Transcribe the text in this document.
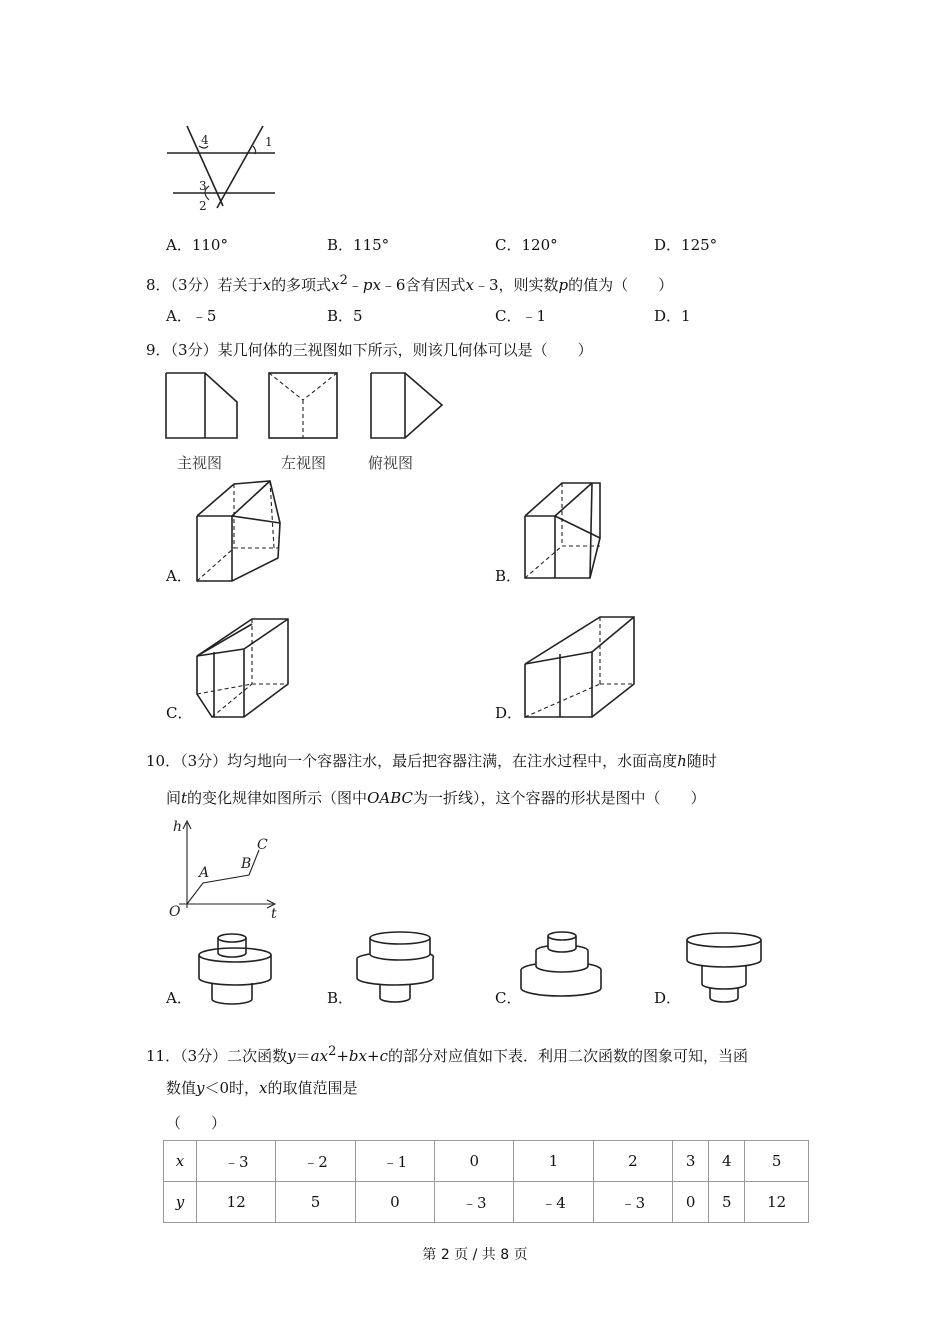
4	1
3
2
A．110°	B．115°	C．120°	D．125°
8．（3分）若关于x的多项式$x^2﹣px﹣6$含有因式x﹣3，则实数p的值为（　　）
A．﹣5	B．5	C．﹣1	D．1
9．（3分）某几何体的三视图如下所示，则该几何体可以是（　　）
主视图	左视图	俯视图
A．	B．
C．	D．
10．（3分）均匀地向一个容器注水，最后把容器注满，在注水过程中，水面高度h随时
间t的变化规律如图所示（图中OABC为一折线），这个容器的形状是图中（　　）
h
t
O
A
B
C
A．	B．	C．	D．
11．（3分）二次函数$y=ax^2+bx+c$的部分对应值如下表．利用二次函数的图象可知，当函
数值y＜0时，x的取值范围是
（　　）
x	﹣3	﹣2	﹣1	0	1	2	3	4	5
y	12	5	0	﹣3	﹣4	﹣3	0	5	12
第 2 页 / 共 8 页
